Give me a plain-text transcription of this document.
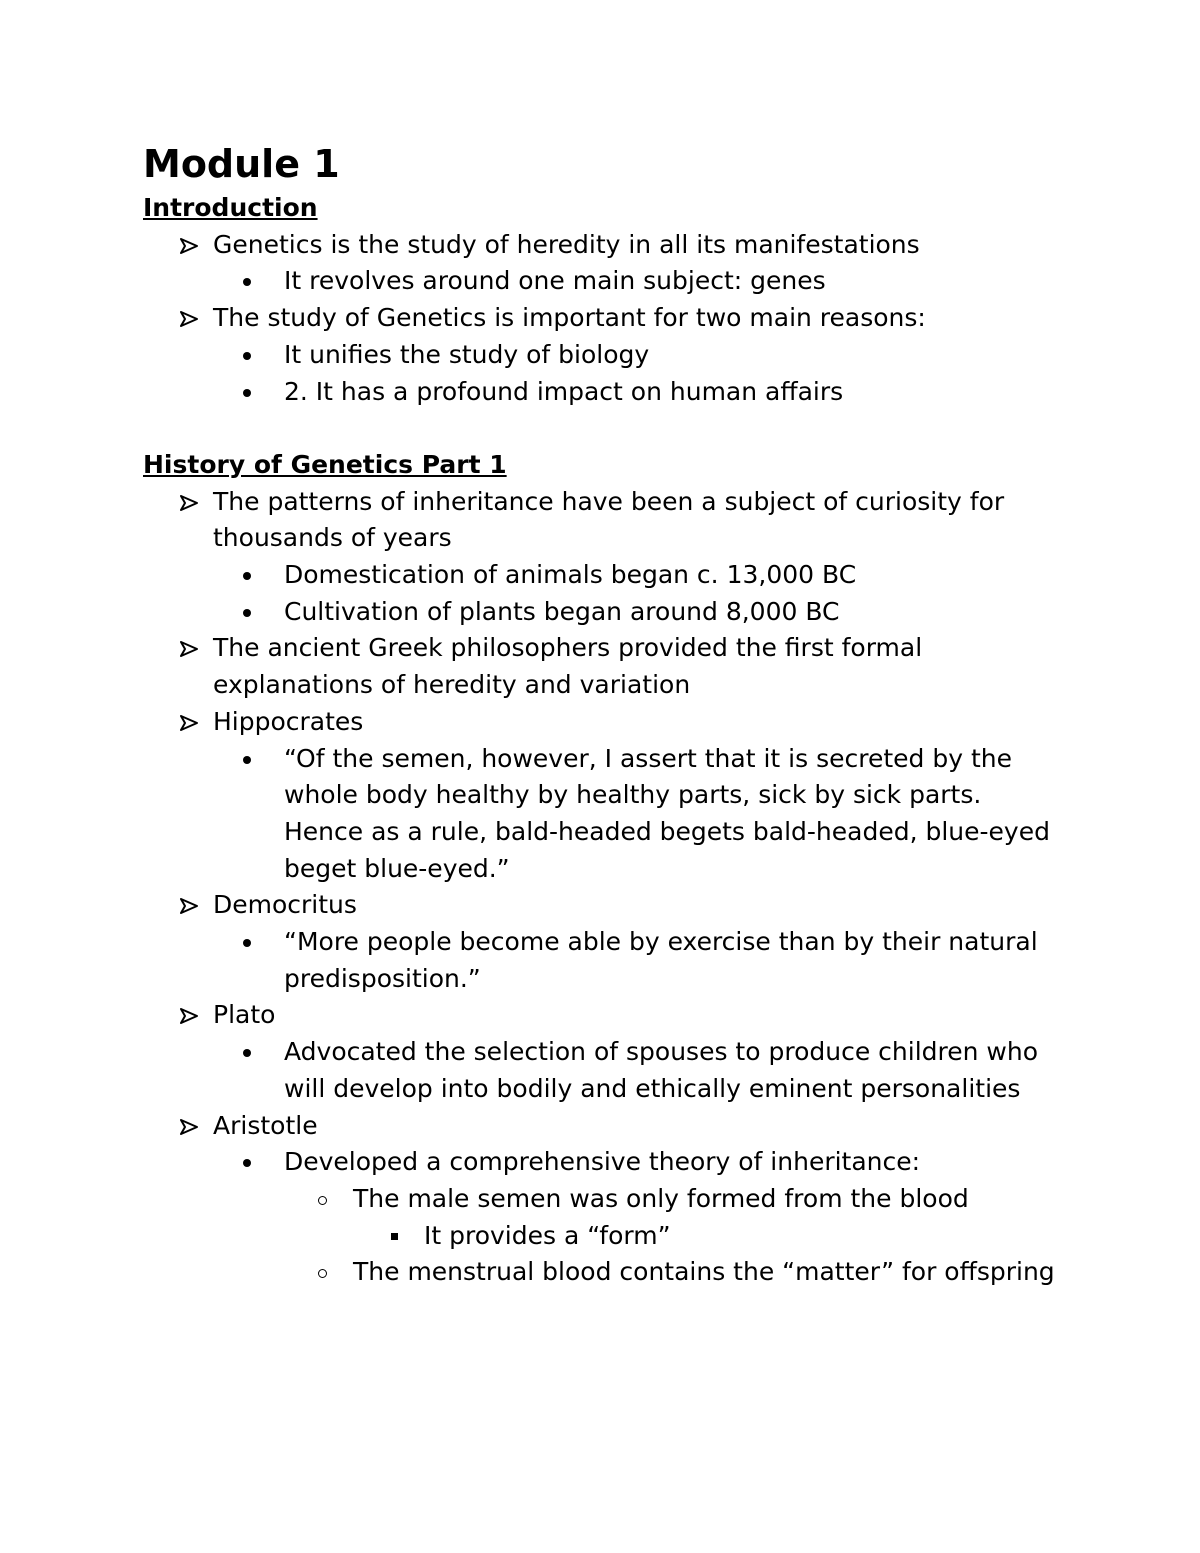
Module 1
Introduction
Genetics is the study of heredity in all its manifestations
It revolves around one main subject: genes
The study of Genetics is important for two main reasons:
It unifies the study of biology
2. It has a profound impact on human affairs
History of Genetics Part 1
The patterns of inheritance have been a subject of curiosity for thousands of years
Domestication of animals began c. 13,000 BC
Cultivation of plants began around 8,000 BC
The ancient Greek philosophers provided the first formal explanations of heredity and variation
Hippocrates
“Of the semen, however, I assert that it is secreted by the whole body healthy by healthy parts, sick by sick parts. Hence as a rule, bald-headed begets bald-headed, blue-eyed beget blue-eyed.”
Democritus
“More people become able by exercise than by their natural predisposition.”
Plato
Advocated the selection of spouses to produce children who will develop into bodily and ethically eminent personalities
Aristotle
Developed a comprehensive theory of inheritance:
The male semen was only formed from the blood
It provides a “form”
The menstrual blood contains the “matter” for offspring
